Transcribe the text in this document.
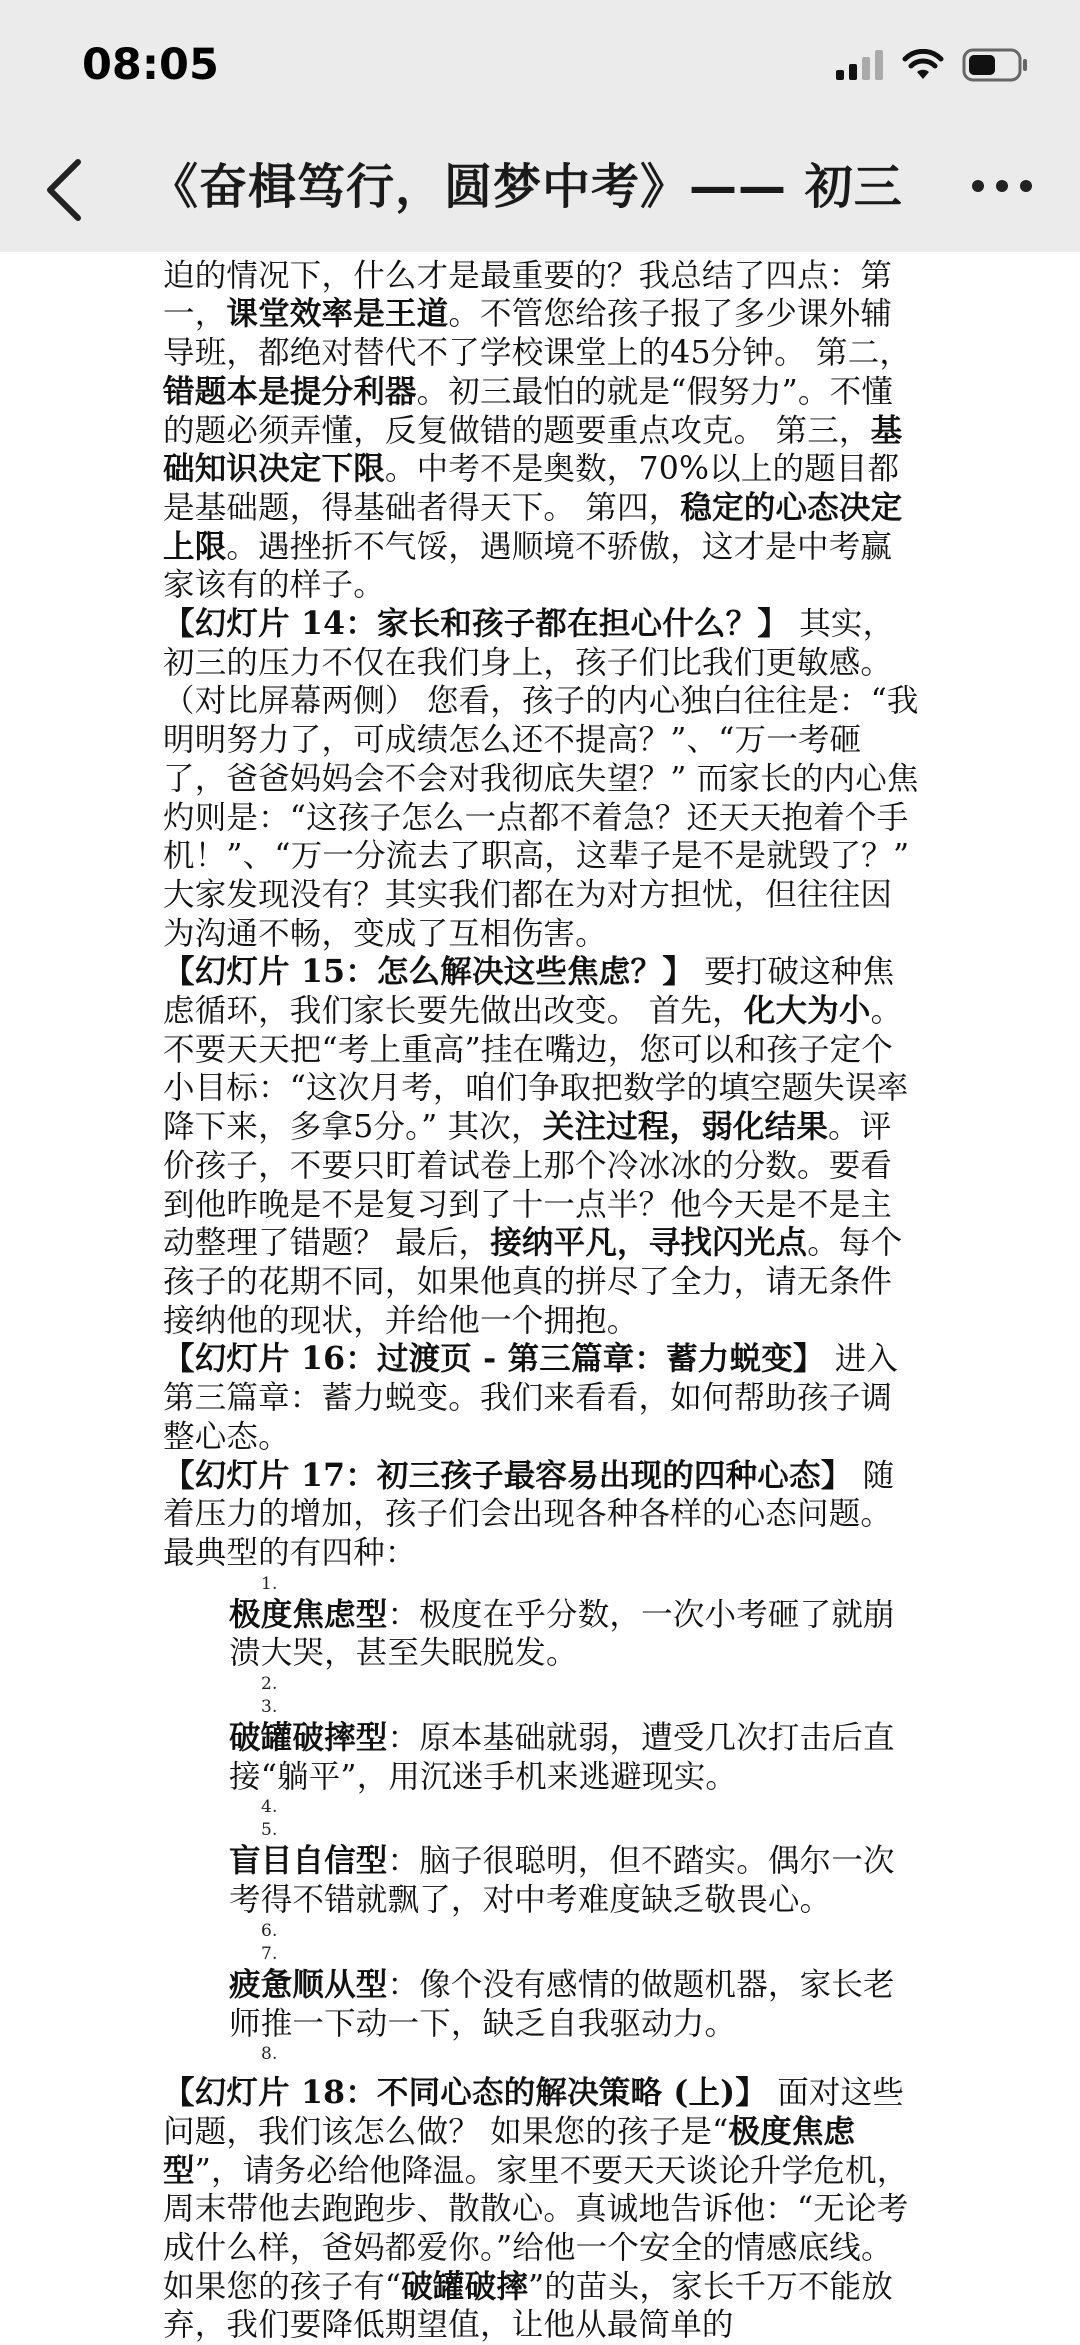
08:05
《奋楫笃行，圆梦中考》—— 初三

迫的情况下，什么才是最重要的？我总结了四点：第一，课堂效率是王道。不管您给孩子报了多少课外辅导班，都绝对替代不了学校课堂上的45分钟。 第二，错题本是提分利器。初三最怕的就是“假努力”。不懂的题必须弄懂，反复做错的题要重点攻克。 第三，基础知识决定下限。中考不是奥数，70%以上的题目都是基础题，得基础者得天下。 第四，稳定的心态决定上限。遇挫折不气馁，遇顺境不骄傲，这才是中考赢家该有的样子。

【幻灯片 14：家长和孩子都在担心什么？】 其实，初三的压力不仅在我们身上，孩子们比我们更敏感。（对比屏幕两侧） 您看，孩子的内心独白往往是：“我明明努力了，可成绩怎么还不提高？”、“万一考砸了，爸爸妈妈会不会对我彻底失望？” 而家长的内心焦灼则是：“这孩子怎么一点都不着急？还天天抱着个手机！”、“万一分流去了职高，这辈子是不是就毁了？” 大家发现没有？其实我们都在为对方担忧，但往往因为沟通不畅，变成了互相伤害。

【幻灯片 15：怎么解决这些焦虑？】 要打破这种焦虑循环，我们家长要先做出改变。 首先，化大为小。不要天天把“考上重高”挂在嘴边，您可以和孩子定个小目标：“这次月考，咱们争取把数学的填空题失误率降下来，多拿5分。” 其次，关注过程，弱化结果。评价孩子，不要只盯着试卷上那个冷冰冰的分数。要看到他昨晚是不是复习到了十一点半？他今天是不是主动整理了错题？ 最后，接纳平凡，寻找闪光点。每个孩子的花期不同，如果他真的拼尽了全力，请无条件接纳他的现状，并给他一个拥抱。

【幻灯片 16：过渡页 - 第三篇章：蓄力蜕变】 进入第三篇章：蓄力蜕变。我们来看看，如何帮助孩子调整心态。

【幻灯片 17：初三孩子最容易出现的四种心态】 随着压力的增加，孩子们会出现各种各样的心态问题。最典型的有四种：

1.
极度焦虑型：极度在乎分数，一次小考砸了就崩溃大哭，甚至失眠脱发。
2.
3.
破罐破摔型：原本基础就弱，遭受几次打击后直接“躺平”，用沉迷手机来逃避现实。
4.
5.
盲目自信型：脑子很聪明，但不踏实。偶尔一次考得不错就飘了，对中考难度缺乏敬畏心。
6.
7.
疲惫顺从型：像个没有感情的做题机器，家长老师推一下动一下，缺乏自我驱动力。
8.

【幻灯片 18：不同心态的解决策略 (上)】 面对这些问题，我们该怎么做？ 如果您的孩子是“极度焦虑型”，请务必给他降温。家里不要天天谈论升学危机，周末带他去跑跑步、散散心。真诚地告诉他：“无论考成什么样，爸妈都爱你。”给他一个安全的情感底线。 如果您的孩子有“破罐破摔”的苗头，家长千万不能放弃，我们要降低期望值，让他从最简单的
